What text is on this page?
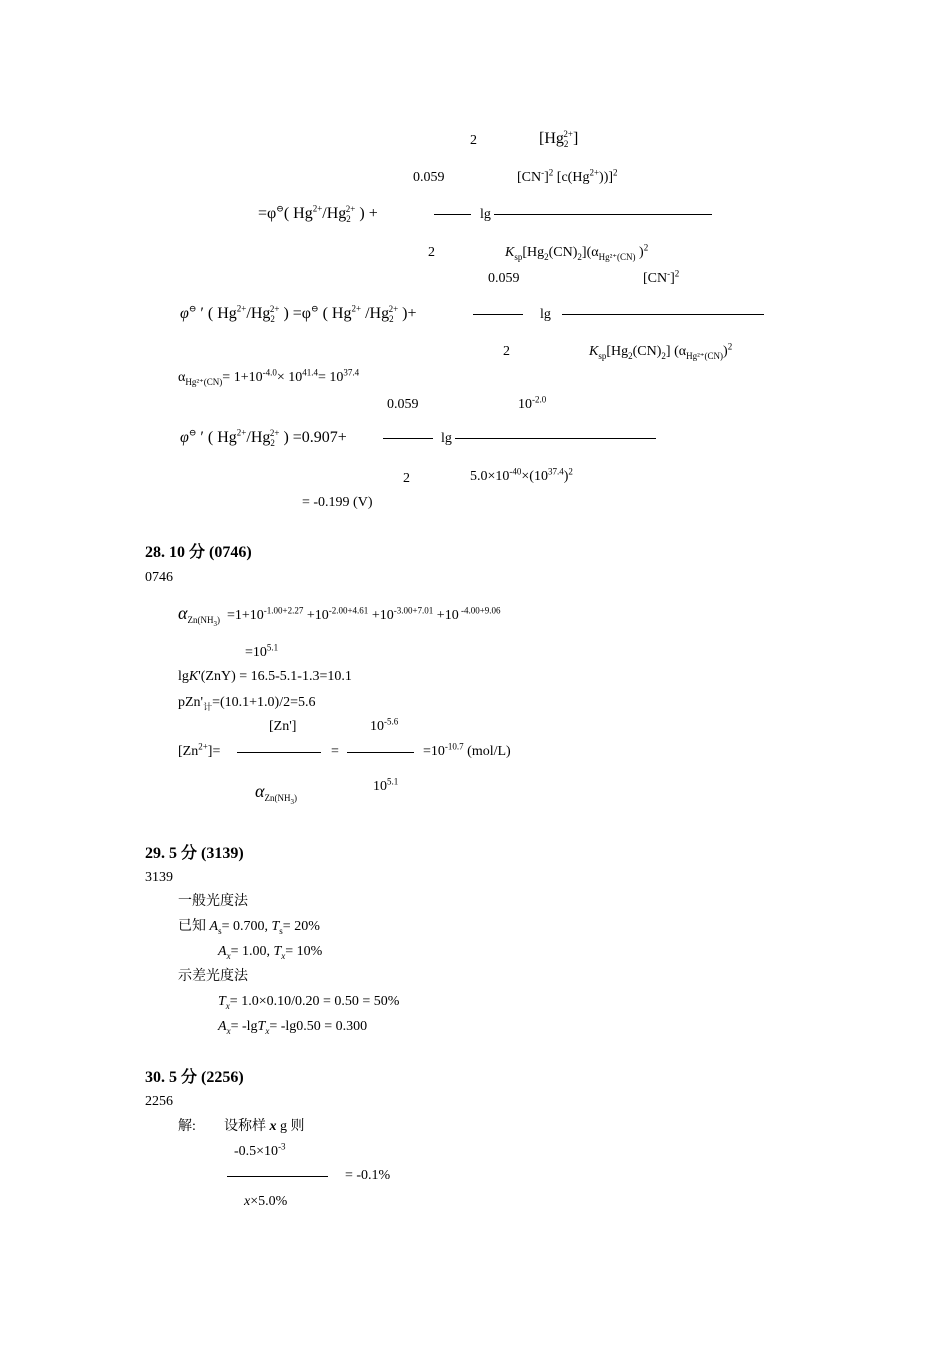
2	$[Hg_2^{2+}]$
0.059	$[CN^-]^2$ $[c(Hg^{2+}))]^2$
=φ⊖( $Hg^{2+}/Hg_2^{2+}$ ) +	lg
2	$K_{sp}[Hg_2(CN)_2](\alpha_{Hg^{2+}(CN)}$ )$^2$
0.059	$[CN^-]^2$
φ⊖ ′ ( $Hg^{2+}/Hg_2^{2+}$ ) =φ⊖ ( $Hg^{2+}$ $/Hg_2^{2+}$ )+	lg
2	$K_{sp}[Hg_2(CN)_2]$ $(\alpha_{Hg^{2+}(CN)})^2$
$\alpha_{Hg^{2+}(CN)}= 1+10^{-4.0}\times 10^{41.4}= 10^{37.4}$
0.059	$10^{-2.0}$
φ⊖ ′ ( $Hg^{2+}/Hg_2^{2+}$ ) =0.907+	lg
2	$5.0\times 10^{-40}\times(10^{37.4})^2$
= -0.199 (V)
28. 10 分 (0746)
0746
$\alpha_{Zn(NH_3)} =1+10^{-1.00+2.27} +10^{-2.00+4.61} +10^{-3.00+7.01} +10$ $^{-4.00+9.06}$
$=10^{5.1}$
lgK'(ZnY) = 16.5-5.1-1.3=10.1
$pZn'_计=(10.1+1.0)/2=5.6$
[Zn']	$10^{-5.6}$
$[Zn^{2+}]=$	=	$=10^{-10.7}$ (mol/L)
$\alpha_{Zn(NH_3)}$
$10^{5.1}$
29. 5 分 (3139)
3139
一般光度法
已知 $A_s= 0.700$, $T_s= 20\%$
$A_x= 1.00$, $T_x= 10\%$
示差光度法
$T_x= 1.0\times 0.10/0.20 = 0.50 = 50\%$
$A_x= -\lg T_x= -\lg 0.50 = 0.300$
30. 5 分 (2256)
2256
解: 设称样 x g 则
$-0.5\times 10^{-3}$
= -0.1%
x×5.0%
